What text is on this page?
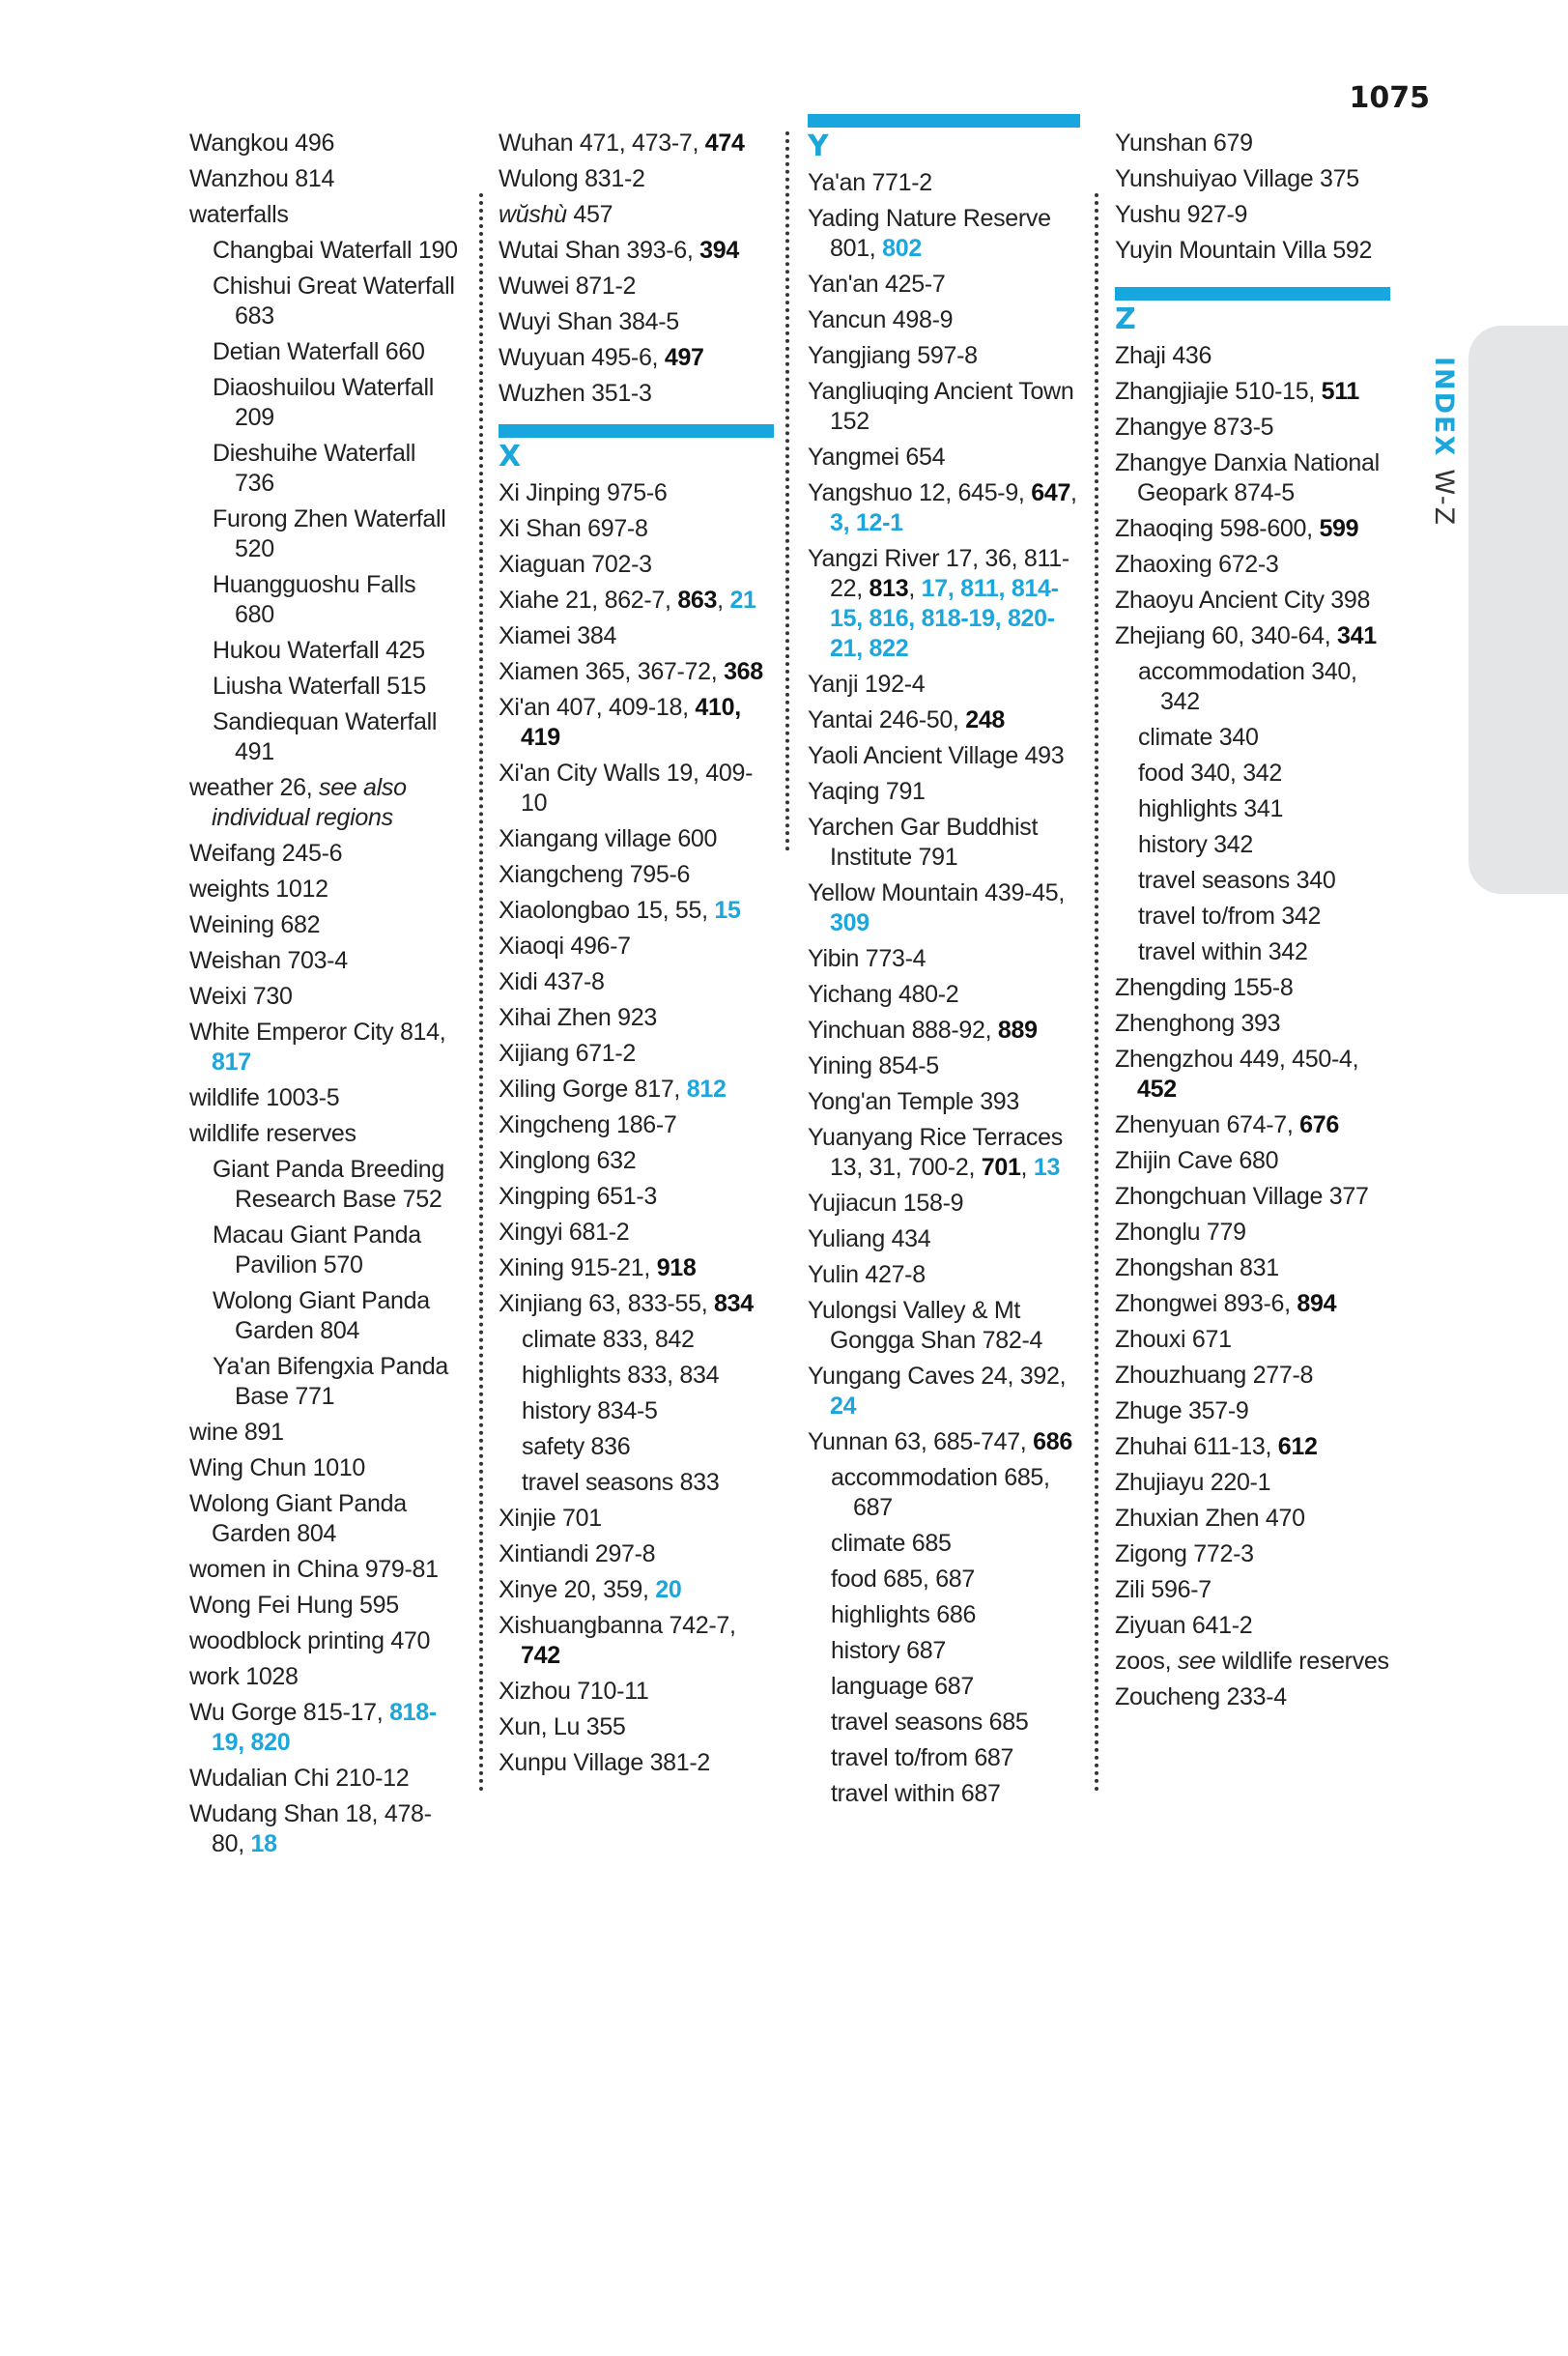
1075
Wangkou 496
Wanzhou 814
waterfalls
Changbai Waterfall 190
Chishui Great Waterfall 683
Detian Waterfall 660
Diaoshuilou Waterfall 209
Dieshuihe Waterfall 736
Furong Zhen Waterfall 520
Huangguoshu Falls 680
Hukou Waterfall 425
Liusha Waterfall 515
Sandiequan Waterfall 491
weather 26, see also individual regions
Weifang 245-6
weights 1012
Weining 682
Weishan 703-4
Weixi 730
White Emperor City 814, 817
wildlife 1003-5
wildlife reserves
Giant Panda Breeding Research Base 752
Macau Giant Panda Pavilion 570
Wolong Giant Panda Garden 804
Ya'an Bifengxia Panda Base 771
wine 891
Wing Chun 1010
Wolong Giant Panda Garden 804
women in China 979-81
Wong Fei Hung 595
woodblock printing 470
work 1028
Wu Gorge 815-17, 818-19, 820
Wudalian Chi 210-12
Wudang Shan 18, 478-80, 18
Wuhan 471, 473-7, 474
Wulong 831-2
wŭshù 457
Wutai Shan 393-6, 394
Wuwei 871-2
Wuyi Shan 384-5
Wuyuan 495-6, 497
Wuzhen 351-3
X
Xi Jinping 975-6
Xi Shan 697-8
Xiaguan 702-3
Xiahe 21, 862-7, 863, 21
Xiamei 384
Xiamen 365, 367-72, 368
Xi'an 407, 409-18, 410, 419
Xi'an City Walls 19, 409-10
Xiangang village 600
Xiangcheng 795-6
Xiaolongbao 15, 55, 15
Xiaoqi 496-7
Xidi 437-8
Xihai Zhen 923
Xijiang 671-2
Xiling Gorge 817, 812
Xingcheng 186-7
Xinglong 632
Xingping 651-3
Xingyi 681-2
Xining 915-21, 918
Xinjiang 63, 833-55, 834
climate 833, 842
highlights 833, 834
history 834-5
safety 836
travel seasons 833
Xinjie 701
Xintiandi 297-8
Xinye 20, 359, 20
Xishuangbanna 742-7, 742
Xizhou 710-11
Xun, Lu 355
Xunpu Village 381-2
Y
Ya'an 771-2
Yading Nature Reserve 801, 802
Yan'an 425-7
Yancun 498-9
Yangjiang 597-8
Yangliuqing Ancient Town 152
Yangmei 654
Yangshuo 12, 645-9, 647, 3, 12-1
Yangzi River 17, 36, 811-22, 813, 17, 811, 814-15, 816, 818-19, 820-21, 822
Yanji 192-4
Yantai 246-50, 248
Yaoli Ancient Village 493
Yaqing 791
Yarchen Gar Buddhist Institute 791
Yellow Mountain 439-45, 309
Yibin 773-4
Yichang 480-2
Yinchuan 888-92, 889
Yining 854-5
Yong'an Temple 393
Yuanyang Rice Terraces 13, 31, 700-2, 701, 13
Yujiacun 158-9
Yuliang 434
Yulin 427-8
Yulongsi Valley & Mt Gongga Shan 782-4
Yungang Caves 24, 392, 24
Yunnan 63, 685-747, 686
accommodation 685, 687
climate 685
food 685, 687
highlights 686
history 687
language 687
travel seasons 685
travel to/from 687
travel within 687
Yunshan 679
Yunshuiyao Village 375
Yushu 927-9
Yuyin Mountain Villa 592
Z
Zhaji 436
Zhangjiajie 510-15, 511
Zhangye 873-5
Zhangye Danxia National Geopark 874-5
Zhaoqing 598-600, 599
Zhaoxing 672-3
Zhaoyu Ancient City 398
Zhejiang 60, 340-64, 341
accommodation 340, 342
climate 340
food 340, 342
highlights 341
history 342
travel seasons 340
travel to/from 342
travel within 342
Zhengding 155-8
Zhenghong 393
Zhengzhou 449, 450-4, 452
Zhenyuan 674-7, 676
Zhijin Cave 680
Zhongchuan Village 377
Zhonglu 779
Zhongshan 831
Zhongwei 893-6, 894
Zhouxi 671
Zhouzhuang 277-8
Zhuge 357-9
Zhuhai 611-13, 612
Zhujiayu 220-1
Zhuxian Zhen 470
Zigong 772-3
Zili 596-7
Ziyuan 641-2
zoos, see wildlife reserves
Zoucheng 233-4
INDEXW-Z
